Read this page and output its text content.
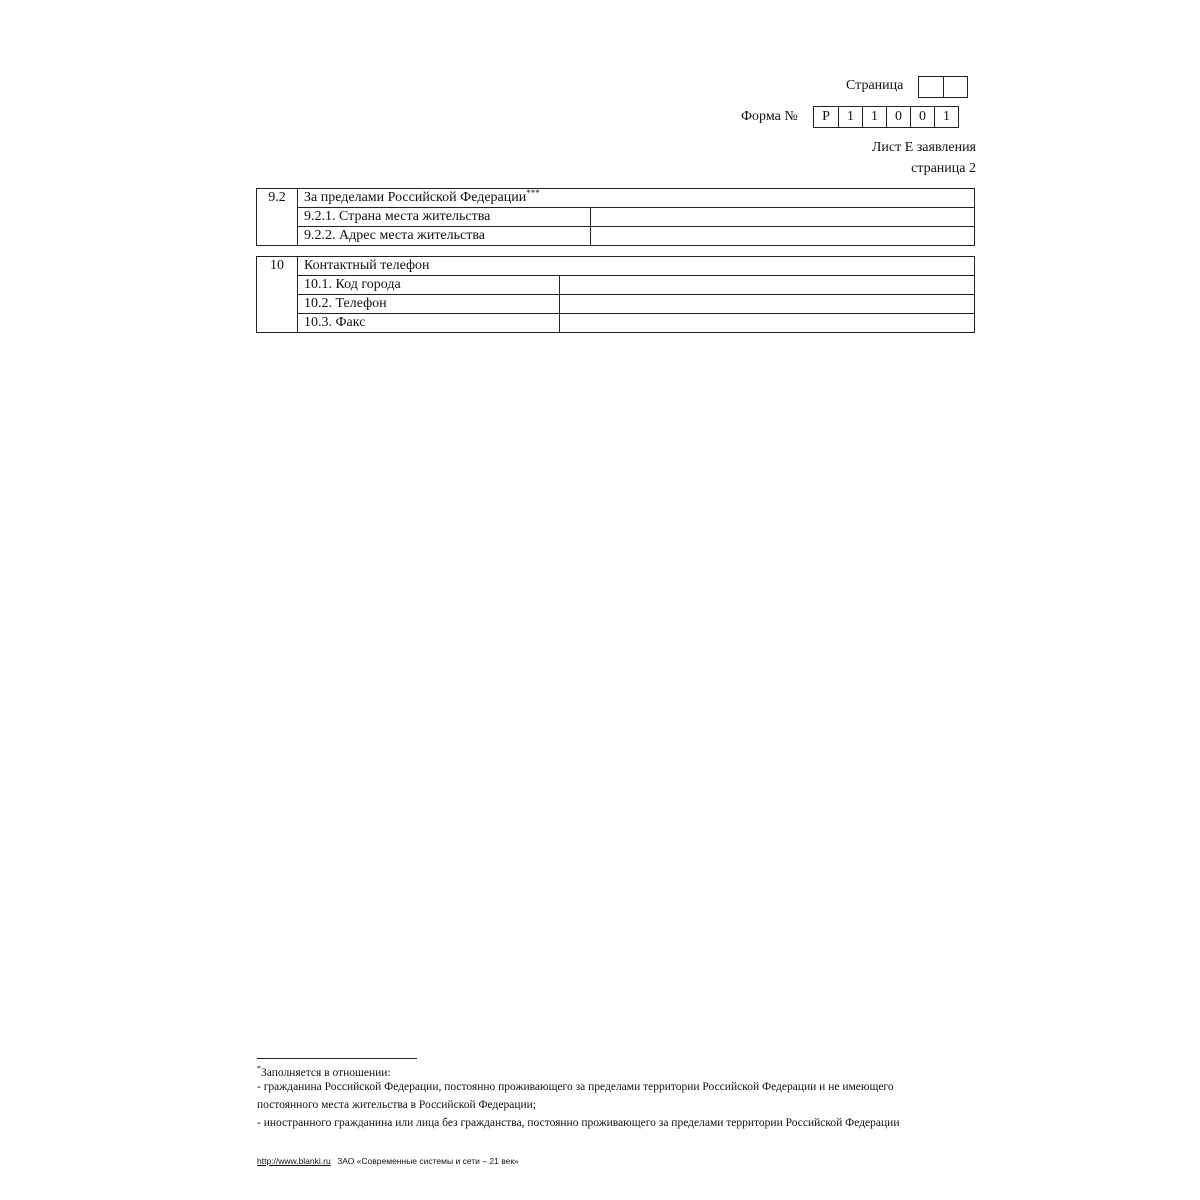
Страница
Форма №	Р	1	1	0	0	1
Лист Е заявления
страница 2
9.2	За пределами Российской Федерации***
	9.2.1. Страна места жительства	
	9.2.2. Адрес места жительства	
10	Контактный телефон	
	10.1. Код города	
	10.2. Телефон	
	10.3. Факс	
*Заполняется в отношении:
- гражданина Российской Федерации, постоянно проживающего за пределами территории Российской Федерации и не имеющего
постоянного места жительства в Российской Федерации;
- иностранного гражданина или лица без гражданства, постоянно проживающего за пределами территории Российской Федерации
http://www.blanki.ru ЗАО «Современные системы и сети – 21 век»
